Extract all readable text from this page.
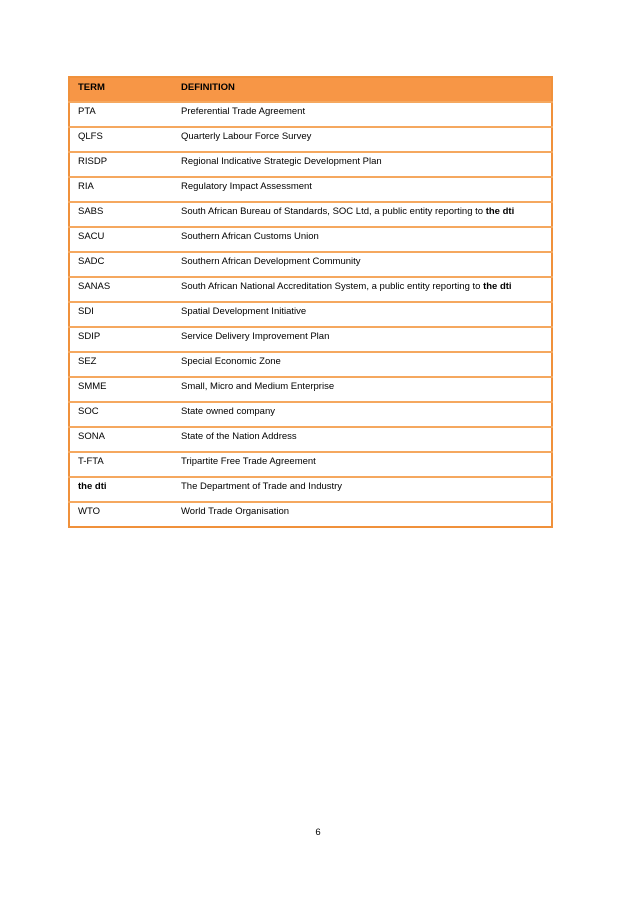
TERM	DEFINITION
PTA	Preferential Trade Agreement
QLFS	Quarterly Labour Force Survey
RISDP	Regional Indicative Strategic Development Plan
RIA	Regulatory Impact Assessment
SABS	South African Bureau of Standards, SOC Ltd, a public entity reporting to the dti
SACU	Southern African Customs Union
SADC	Southern African Development Community
SANAS	South African National Accreditation System, a public entity reporting to the dti
SDI	Spatial Development Initiative
SDIP	Service Delivery Improvement Plan
SEZ	Special Economic Zone
SMME	Small, Micro and Medium Enterprise
SOC	State owned company
SONA	State of the Nation Address
T-FTA	Tripartite Free Trade Agreement
the dti	The Department of Trade and Industry
WTO	World Trade Organisation
6
